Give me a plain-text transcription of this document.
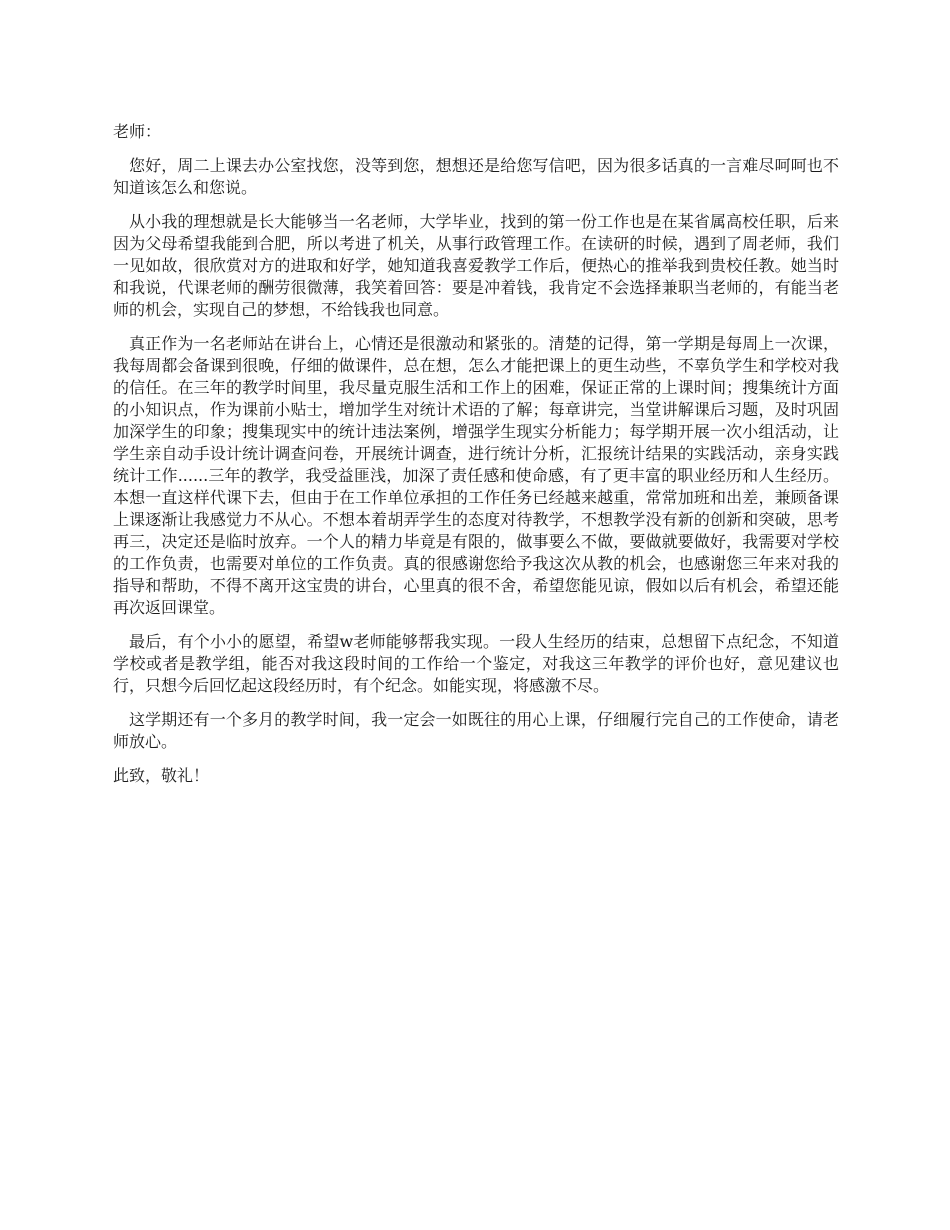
老师：

您好，周二上课去办公室找您，没等到您，想想还是给您写信吧，因为很多话真的一言难尽呵呵也不知道该怎么和您说。

从小我的理想就是长大能够当一名老师，大学毕业，找到的第一份工作也是在某省属高校任职，后来因为父母希望我能到合肥，所以考进了机关，从事行政管理工作。在读研的时候，遇到了周老师，我们一见如故，很欣赏对方的进取和好学，她知道我喜爱教学工作后，便热心的推举我到贵校任教。她当时和我说，代课老师的酬劳很微薄，我笑着回答：要是冲着钱，我肯定不会选择兼职当老师的，有能当老师的机会，实现自己的梦想，不给钱我也同意。

真正作为一名老师站在讲台上，心情还是很激动和紧张的。清楚的记得，第一学期是每周上一次课，我每周都会备课到很晚，仔细的做课件，总在想，怎么才能把课上的更生动些，不辜负学生和学校对我的信任。在三年的教学时间里，我尽量克服生活和工作上的困难，保证正常的上课时间；搜集统计方面的小知识点，作为课前小贴士，增加学生对统计术语的了解；每章讲完，当堂讲解课后习题，及时巩固加深学生的印象；搜集现实中的统计违法案例，增强学生现实分析能力；每学期开展一次小组活动，让学生亲自动手设计统计调查问卷，开展统计调查，进行统计分析，汇报统计结果的实践活动，亲身实践统计工作......三年的教学，我受益匪浅，加深了责任感和使命感，有了更丰富的职业经历和人生经历。本想一直这样代课下去，但由于在工作单位承担的工作任务已经越来越重，常常加班和出差，兼顾备课上课逐渐让我感觉力不从心。不想本着胡弄学生的态度对待教学，不想教学没有新的创新和突破，思考再三，决定还是临时放弃。一个人的精力毕竟是有限的，做事要么不做，要做就要做好，我需要对学校的工作负责，也需要对单位的工作负责。真的很感谢您给予我这次从教的机会，也感谢您三年来对我的指导和帮助，不得不离开这宝贵的讲台，心里真的很不舍，希望您能见谅，假如以后有机会，希望还能再次返回课堂。

最后，有个小小的愿望，希望w老师能够帮我实现。一段人生经历的结束，总想留下点纪念，不知道学校或者是教学组，能否对我这段时间的工作给一个鉴定，对我这三年教学的评价也好，意见建议也行，只想今后回忆起这段经历时，有个纪念。如能实现，将感激不尽。

这学期还有一个多月的教学时间，我一定会一如既往的用心上课，仔细履行完自己的工作使命，请老师放心。

此致，敬礼！
